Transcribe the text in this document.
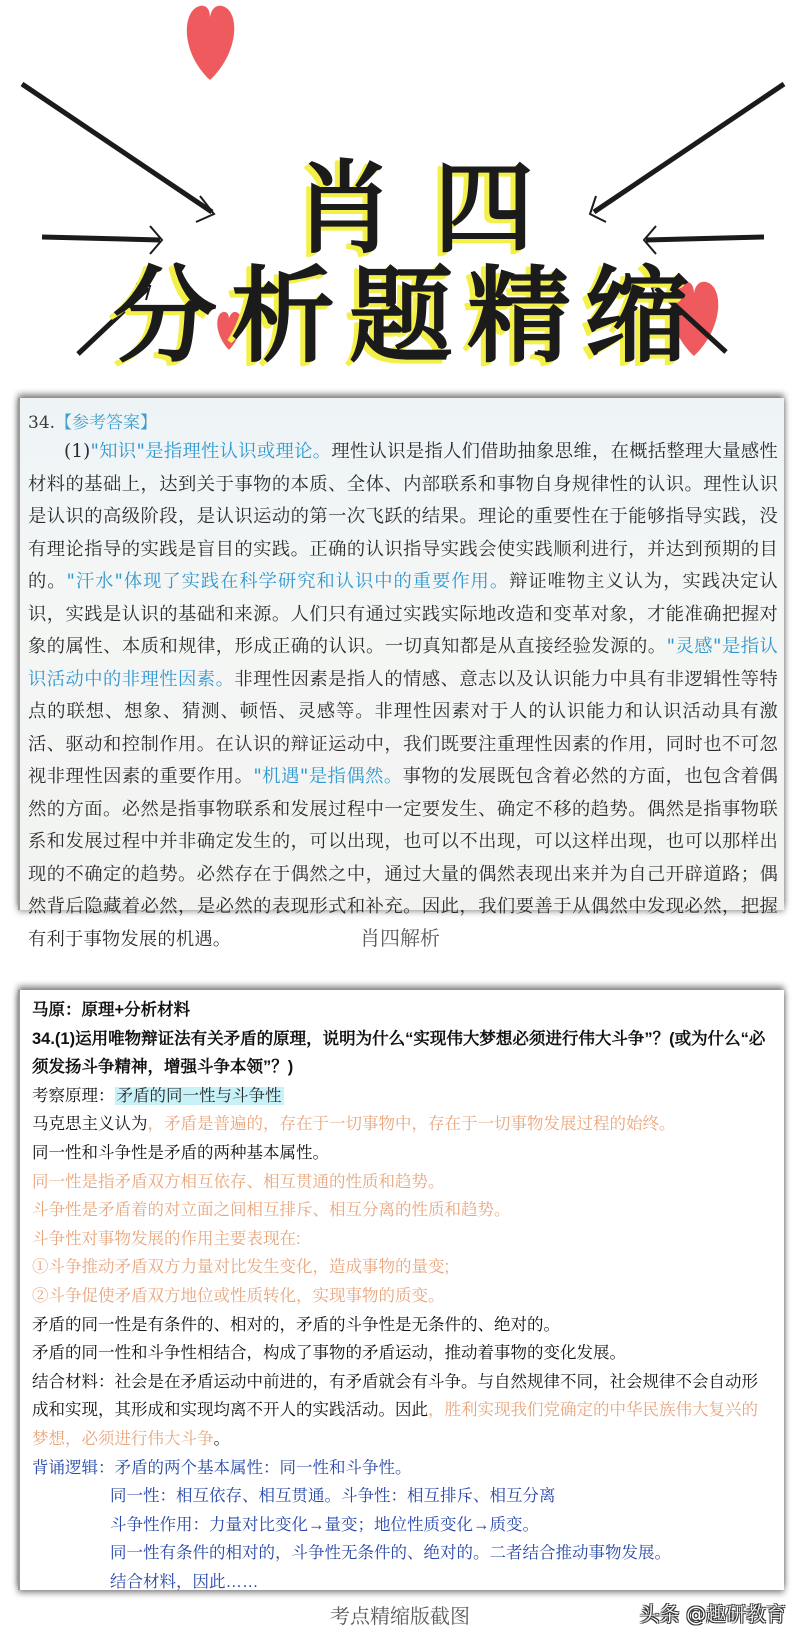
肖四
分析题精缩
34.【参考答案】
(1)"知识"是指理性认识或理论。理性认识是指人们借助抽象思维，在概括整理大量感性材料的基础上，达到关于事物的本质、全体、内部联系和事物自身规律性的认识。理性认识是认识的高级阶段，是认识运动的第一次飞跃的结果。理论的重要性在于能够指导实践，没有理论指导的实践是盲目的实践。正确的认识指导实践会使实践顺利进行，并达到预期的目的。"汗水"体现了实践在科学研究和认识中的重要作用。辩证唯物主义认为，实践决定认识，实践是认识的基础和来源。人们只有通过实践实际地改造和变革对象，才能准确把握对象的属性、本质和规律，形成正确的认识。一切真知都是从直接经验发源的。"灵感"是指认识活动中的非理性因素。非理性因素是指人的情感、意志以及认识能力中具有非逻辑性等特点的联想、想象、猜测、顿悟、灵感等。非理性因素对于人的认识能力和认识活动具有激活、驱动和控制作用。在认识的辩证运动中，我们既要注重理性因素的作用，同时也不可忽视非理性因素的重要作用。"机遇"是指偶然。事物的发展既包含着必然的方面，也包含着偶然的方面。必然是指事物联系和发展过程中一定要发生、确定不移的趋势。偶然是指事物联系和发展过程中并非确定发生的，可以出现，也可以不出现，可以这样出现，也可以那样出现的不确定的趋势。必然存在于偶然之中，通过大量的偶然表现出来并为自己开辟道路；偶然背后隐藏着必然，是必然的表现形式和补充。因此，我们要善于从偶然中发现必然，把握有利于事物发展的机遇。	肖四解析
马原：原理+分析材料
34.(1)运用唯物辩证法有关矛盾的原理，说明为什么“实现伟大梦想必须进行伟大斗争”？(或为什么“必须发扬斗争精神，增强斗争本领”？)
考察原理： 矛盾的同一性与斗争性
马克思主义认为，矛盾是普遍的，存在于一切事物中，存在于一切事物发展过程的始终。
同一性和斗争性是矛盾的两种基本属性。
同一性是指矛盾双方相互依存、相互贯通的性质和趋势。
斗争性是矛盾着的对立面之间相互排斥、相互分离的性质和趋势。
斗争性对事物发展的作用主要表现在:
①斗争推动矛盾双方力量对比发生变化，造成事物的量变;
②斗争促使矛盾双方地位或性质转化，实现事物的质变。
矛盾的同一性是有条件的、相对的，矛盾的斗争性是无条件的、绝对的。
矛盾的同一性和斗争性相结合，构成了事物的矛盾运动，推动着事物的变化发展。
结合材料：社会是在矛盾运动中前进的，有矛盾就会有斗争。与自然规律不同，社会规律不会自动形成和实现，其形成和实现均离不开人的实践活动。因此，胜利实现我们党确定的中华民族伟大复兴的梦想，必须进行伟大斗争。
背诵逻辑：矛盾的两个基本属性：同一性和斗争性。
同一性：相互依存、相互贯通。斗争性：相互排斥、相互分离
斗争性作用：力量对比变化→量变；地位性质变化→质变。
同一性有条件的相对的，斗争性无条件的、绝对的。二者结合推动事物发展。
结合材料，因此……
考点精缩版截图	头条 @趣研教育
